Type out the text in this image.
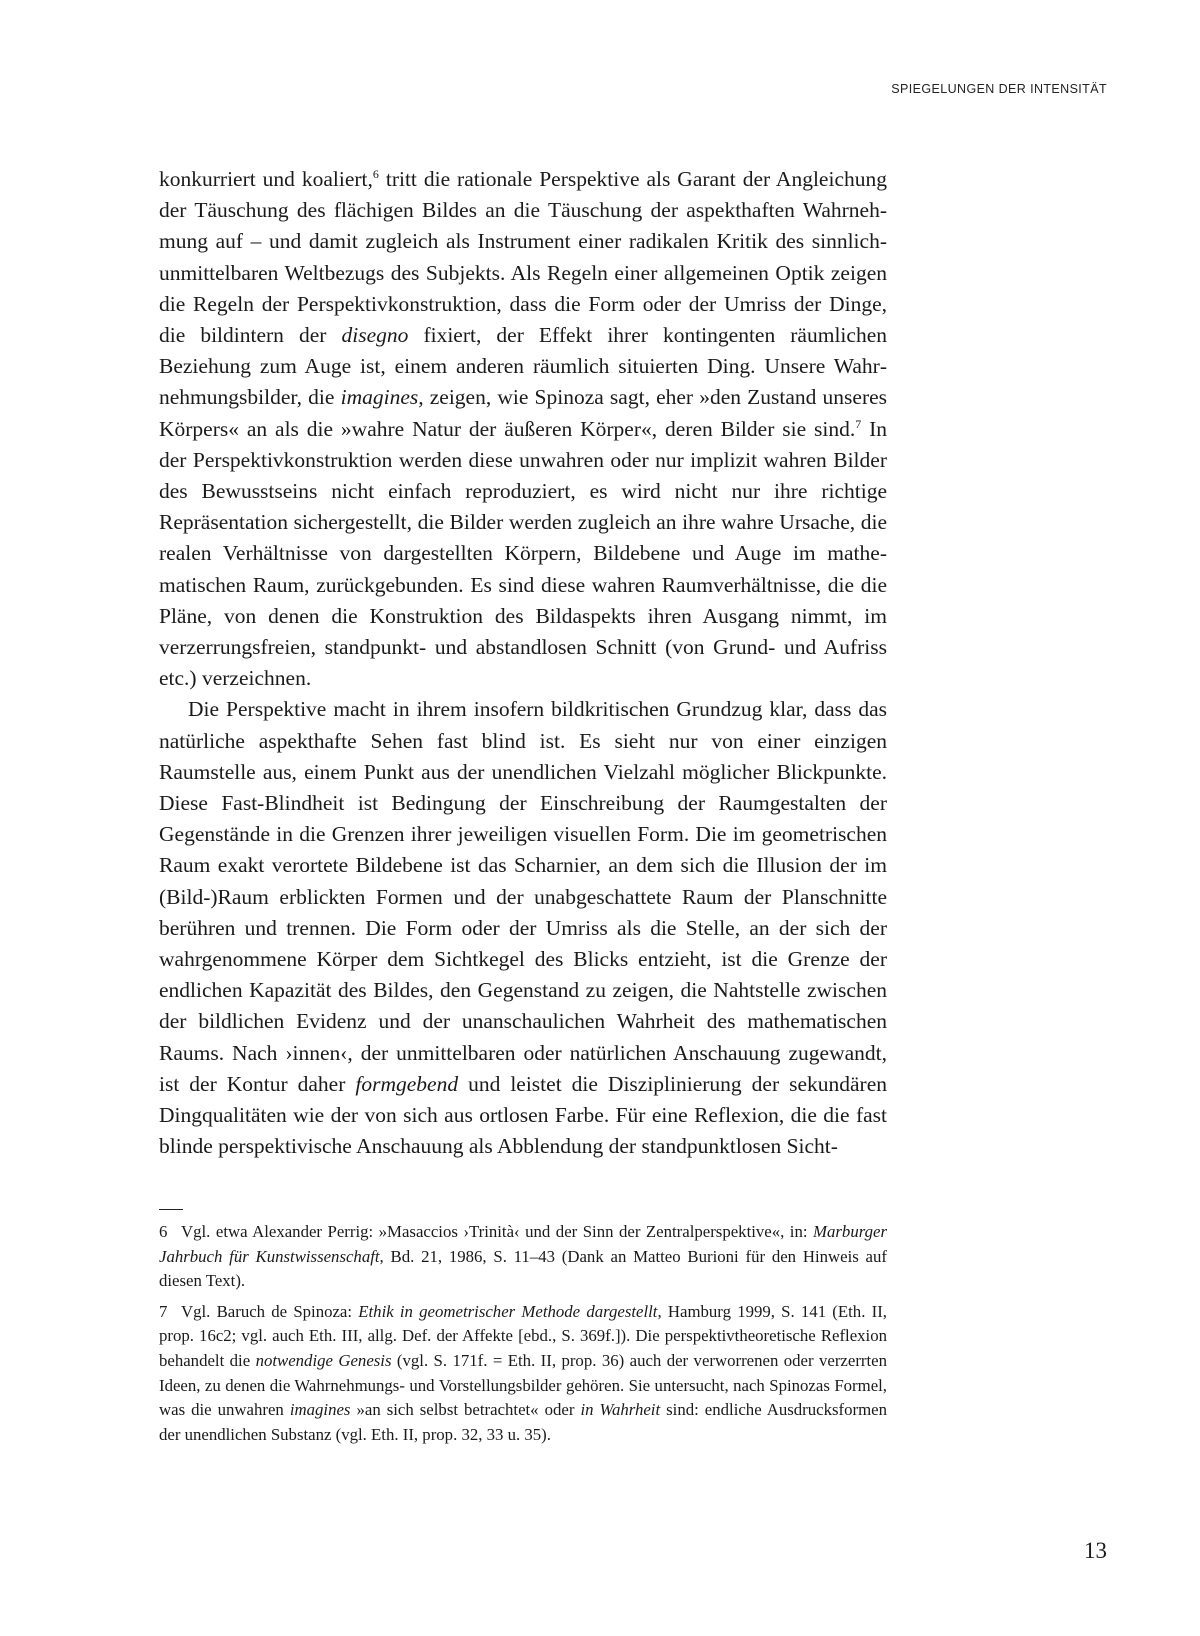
SPIEGELUNGEN DER INTENSITÄT

konkurriert und koaliert,$^6$ tritt die rationale Perspektive als Garant der Angleichung der Täuschung des flächigen Bildes an die Täuschung der aspekthaften Wahrnehmung auf – und damit zugleich als Instrument einer radikalen Kritik des sinnlich-unmittelbaren Weltbezugs des Subjekts. Als Regeln einer allgemeinen Optik zeigen die Regeln der Perspektivkonstruktion, dass die Form oder der Umriss der Dinge, die bildintern der disegno fixiert, der Effekt ihrer kontingenten räumlichen Beziehung zum Auge ist, einem anderen räumlich situierten Ding. Unsere Wahrnehmungsbilder, die imagines, zeigen, wie Spinoza sagt, eher »den Zustand unseres Körpers« an als die »wahre Natur der äußeren Körper«, deren Bilder sie sind.$^7$ In der Perspektivkonstruktion werden diese unwahren oder nur implizit wahren Bilder des Bewusstseins nicht einfach reproduziert, es wird nicht nur ihre richtige Repräsentation sichergestellt, die Bilder werden zugleich an ihre wahre Ursache, die realen Verhältnisse von dargestellten Körpern, Bildebene und Auge im mathematischen Raum, zurückgebunden. Es sind diese wahren Raumverhältnisse, die die Pläne, von denen die Konstruktion des Bildaspekts ihren Ausgang nimmt, im verzerrungsfreien, standpunkt- und abstandlosen Schnitt (von Grund- und Aufriss etc.) verzeichnen.

Die Perspektive macht in ihrem insofern bildkritischen Grundzug klar, dass das natürliche aspekthafte Sehen fast blind ist. Es sieht nur von einer einzigen Raumstelle aus, einem Punkt aus der unendlichen Vielzahl möglicher Blickpunkte. Diese Fast-Blindheit ist Bedingung der Einschreibung der Raumgestalten der Gegenstände in die Grenzen ihrer jeweiligen visuellen Form. Die im geometrischen Raum exakt verortete Bildebene ist das Scharnier, an dem sich die Illusion der im (Bild-)Raum erblickten Formen und der unabgeschattete Raum der Planschnitte berühren und trennen. Die Form oder der Umriss als die Stelle, an der sich der wahrgenommene Körper dem Sichtkegel des Blicks entzieht, ist die Grenze der endlichen Kapazität des Bildes, den Gegenstand zu zeigen, die Nahtstelle zwischen der bildlichen Evidenz und der unanschaulichen Wahrheit des mathematischen Raums. Nach ›innen‹, der unmittelbaren oder natürlichen Anschauung zugewandt, ist der Kontur daher formgebend und leistet die Disziplinierung der sekundären Dingqualitäten wie der von sich aus ortlosen Farbe. Für eine Reflexion, die die fast blinde perspektivische Anschauung als Abblendung der standpunktlosen Sicht-

6 Vgl. etwa Alexander Perrig: »Masaccios ›Trinità‹ und der Sinn der Zentralperspektive«, in: Marburger Jahrbuch für Kunstwissenschaft, Bd. 21, 1986, S. 11–43 (Dank an Matteo Burioni für den Hinweis auf diesen Text).

7 Vgl. Baruch de Spinoza: Ethik in geometrischer Methode dargestellt, Hamburg 1999, S. 141 (Eth. II, prop. 16c2; vgl. auch Eth. III, allg. Def. der Affekte [ebd., S. 369f.]). Die perspektivtheoretische Reflexion behandelt die notwendige Genesis (vgl. S. 171f. = Eth. II, prop. 36) auch der verworrenen oder verzerrten Ideen, zu denen die Wahrnehmungs- und Vorstellungsbilder gehören. Sie untersucht, nach Spinozas Formel, was die unwahren imagines »an sich selbst betrachtet« oder in Wahrheit sind: endliche Ausdrucksformen der unendlichen Substanz (vgl. Eth. II, prop. 32, 33 u. 35).

13
